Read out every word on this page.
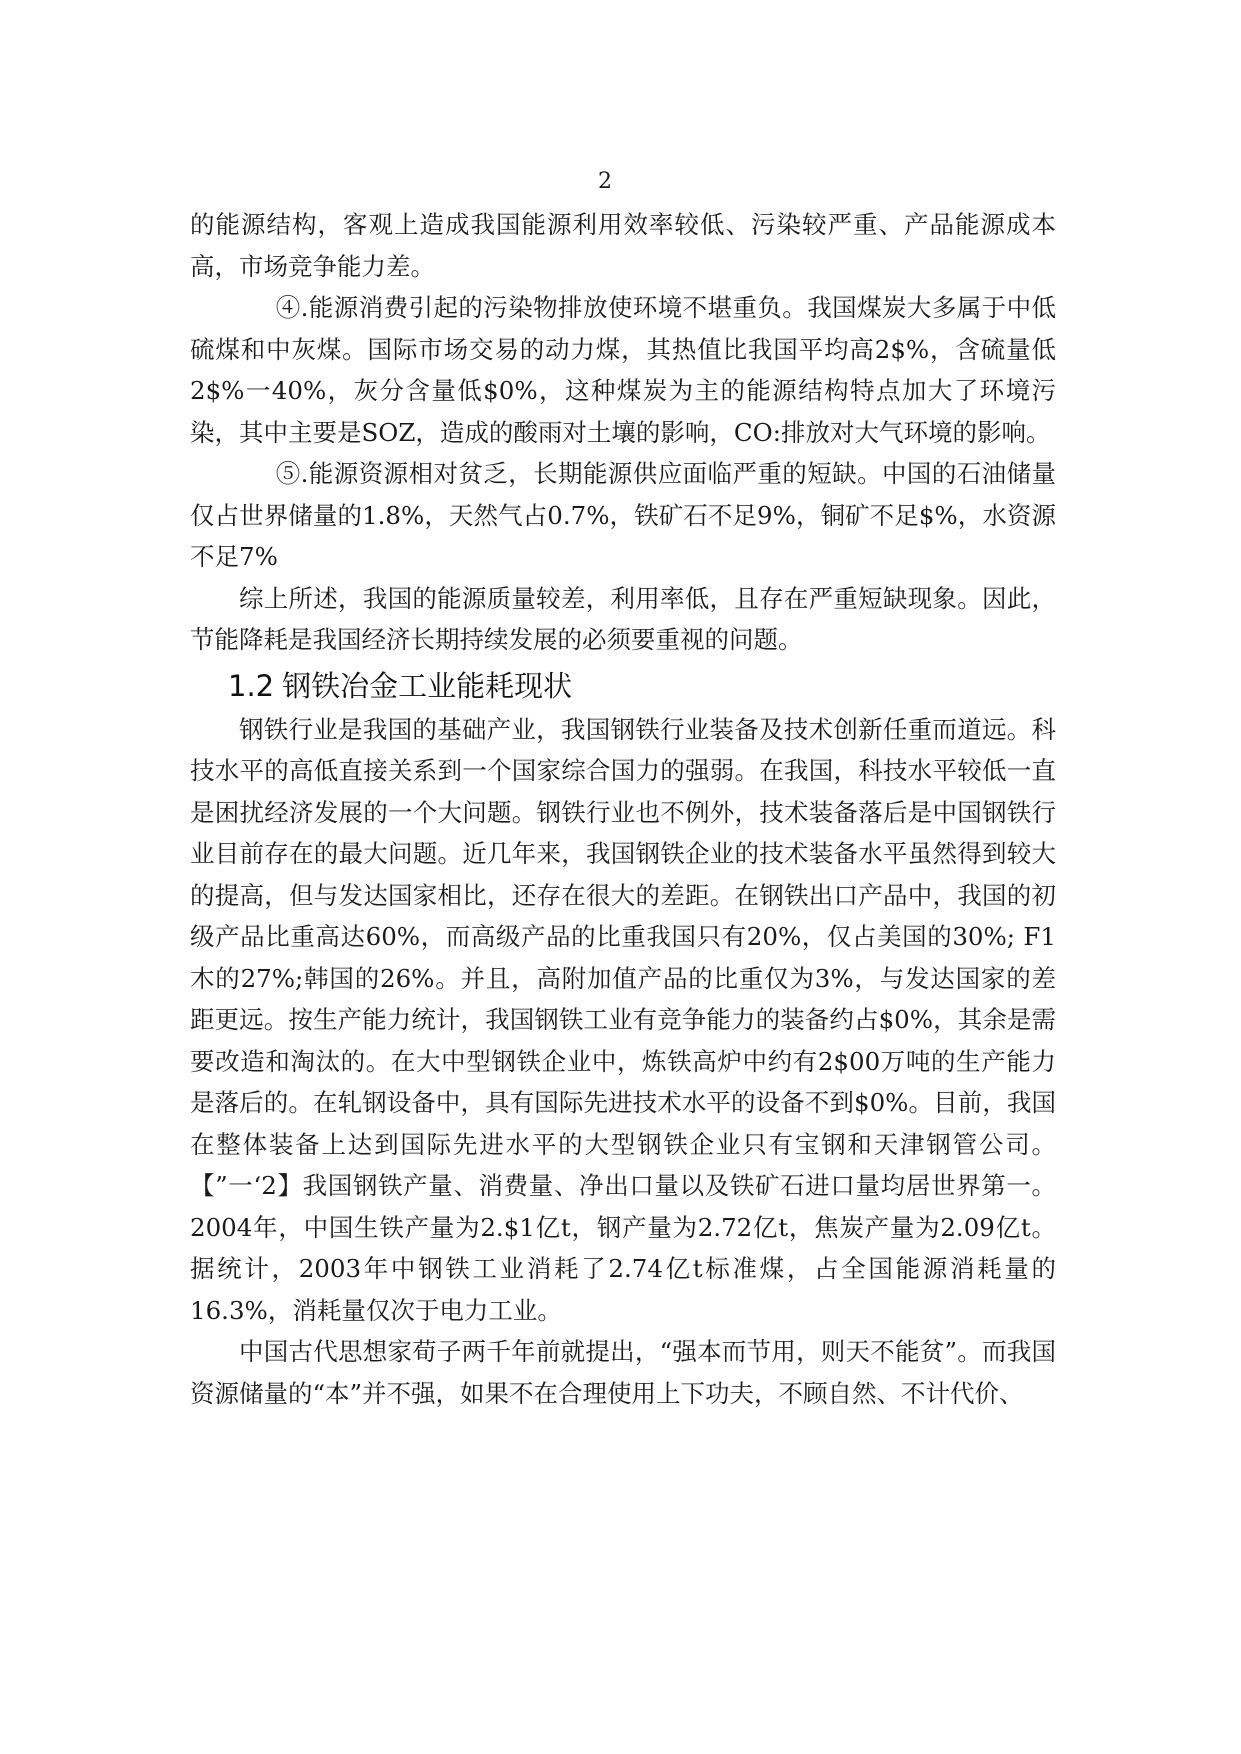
2

的能源结构，客观上造成我国能源利用效率较低、污染较严重、产品能源成本高，市场竞争能力差。

④.能源消费引起的污染物排放使环境不堪重负。我国煤炭大多属于中低硫煤和中灰煤。国际市场交易的动力煤，其热值比我国平均高2$%，含硫量低2$%一40%，灰分含量低$0%，这种煤炭为主的能源结构特点加大了环境污染，其中主要是SOZ，造成的酸雨对土壤的影响，CO:排放对大气环境的影响。

⑤.能源资源相对贫乏，长期能源供应面临严重的短缺。中国的石油储量仅占世界储量的1.8%，天然气占0.7%，铁矿石不足9%，铜矿不足$%，水资源不足7%

综上所述，我国的能源质量较差，利用率低，且存在严重短缺现象。因此，节能降耗是我国经济长期持续发展的必须要重视的问题。

1.2 钢铁冶金工业能耗现状

钢铁行业是我国的基础产业，我国钢铁行业装备及技术创新任重而道远。科技水平的高低直接关系到一个国家综合国力的强弱。在我国，科技水平较低一直是困扰经济发展的一个大问题。钢铁行业也不例外，技术装备落后是中国钢铁行业目前存在的最大问题。近几年来，我国钢铁企业的技术装备水平虽然得到较大的提高，但与发达国家相比，还存在很大的差距。在钢铁出口产品中，我国的初级产品比重高达60%，而高级产品的比重我国只有20%，仅占美国的30%; F1木的27%;韩国的26%。并且，高附加值产品的比重仅为3%，与发达国家的差距更远。按生产能力统计，我国钢铁工业有竞争能力的装备约占$0%，其余是需要改造和淘汰的。在大中型钢铁企业中，炼铁高炉中约有2$00万吨的生产能力是落后的。在轧钢设备中，具有国际先进技术水平的设备不到$0%。目前，我国在整体装备上达到国际先进水平的大型钢铁企业只有宝钢和天津钢管公司。【”一‘2】我国钢铁产量、消费量、净出口量以及铁矿石进口量均居世界第一。2004年，中国生铁产量为2.$1亿t，钢产量为2.72亿t，焦炭产量为2.09亿t。据统计，2003年中钢铁工业消耗了2.74亿t标准煤，占全国能源消耗量的16.3%，消耗量仅次于电力工业。

中国古代思想家荀子两千年前就提出，“强本而节用，则天不能贫”。而我国资源储量的“本”并不强，如果不在合理使用上下功夫，不顾自然、不计代价、
